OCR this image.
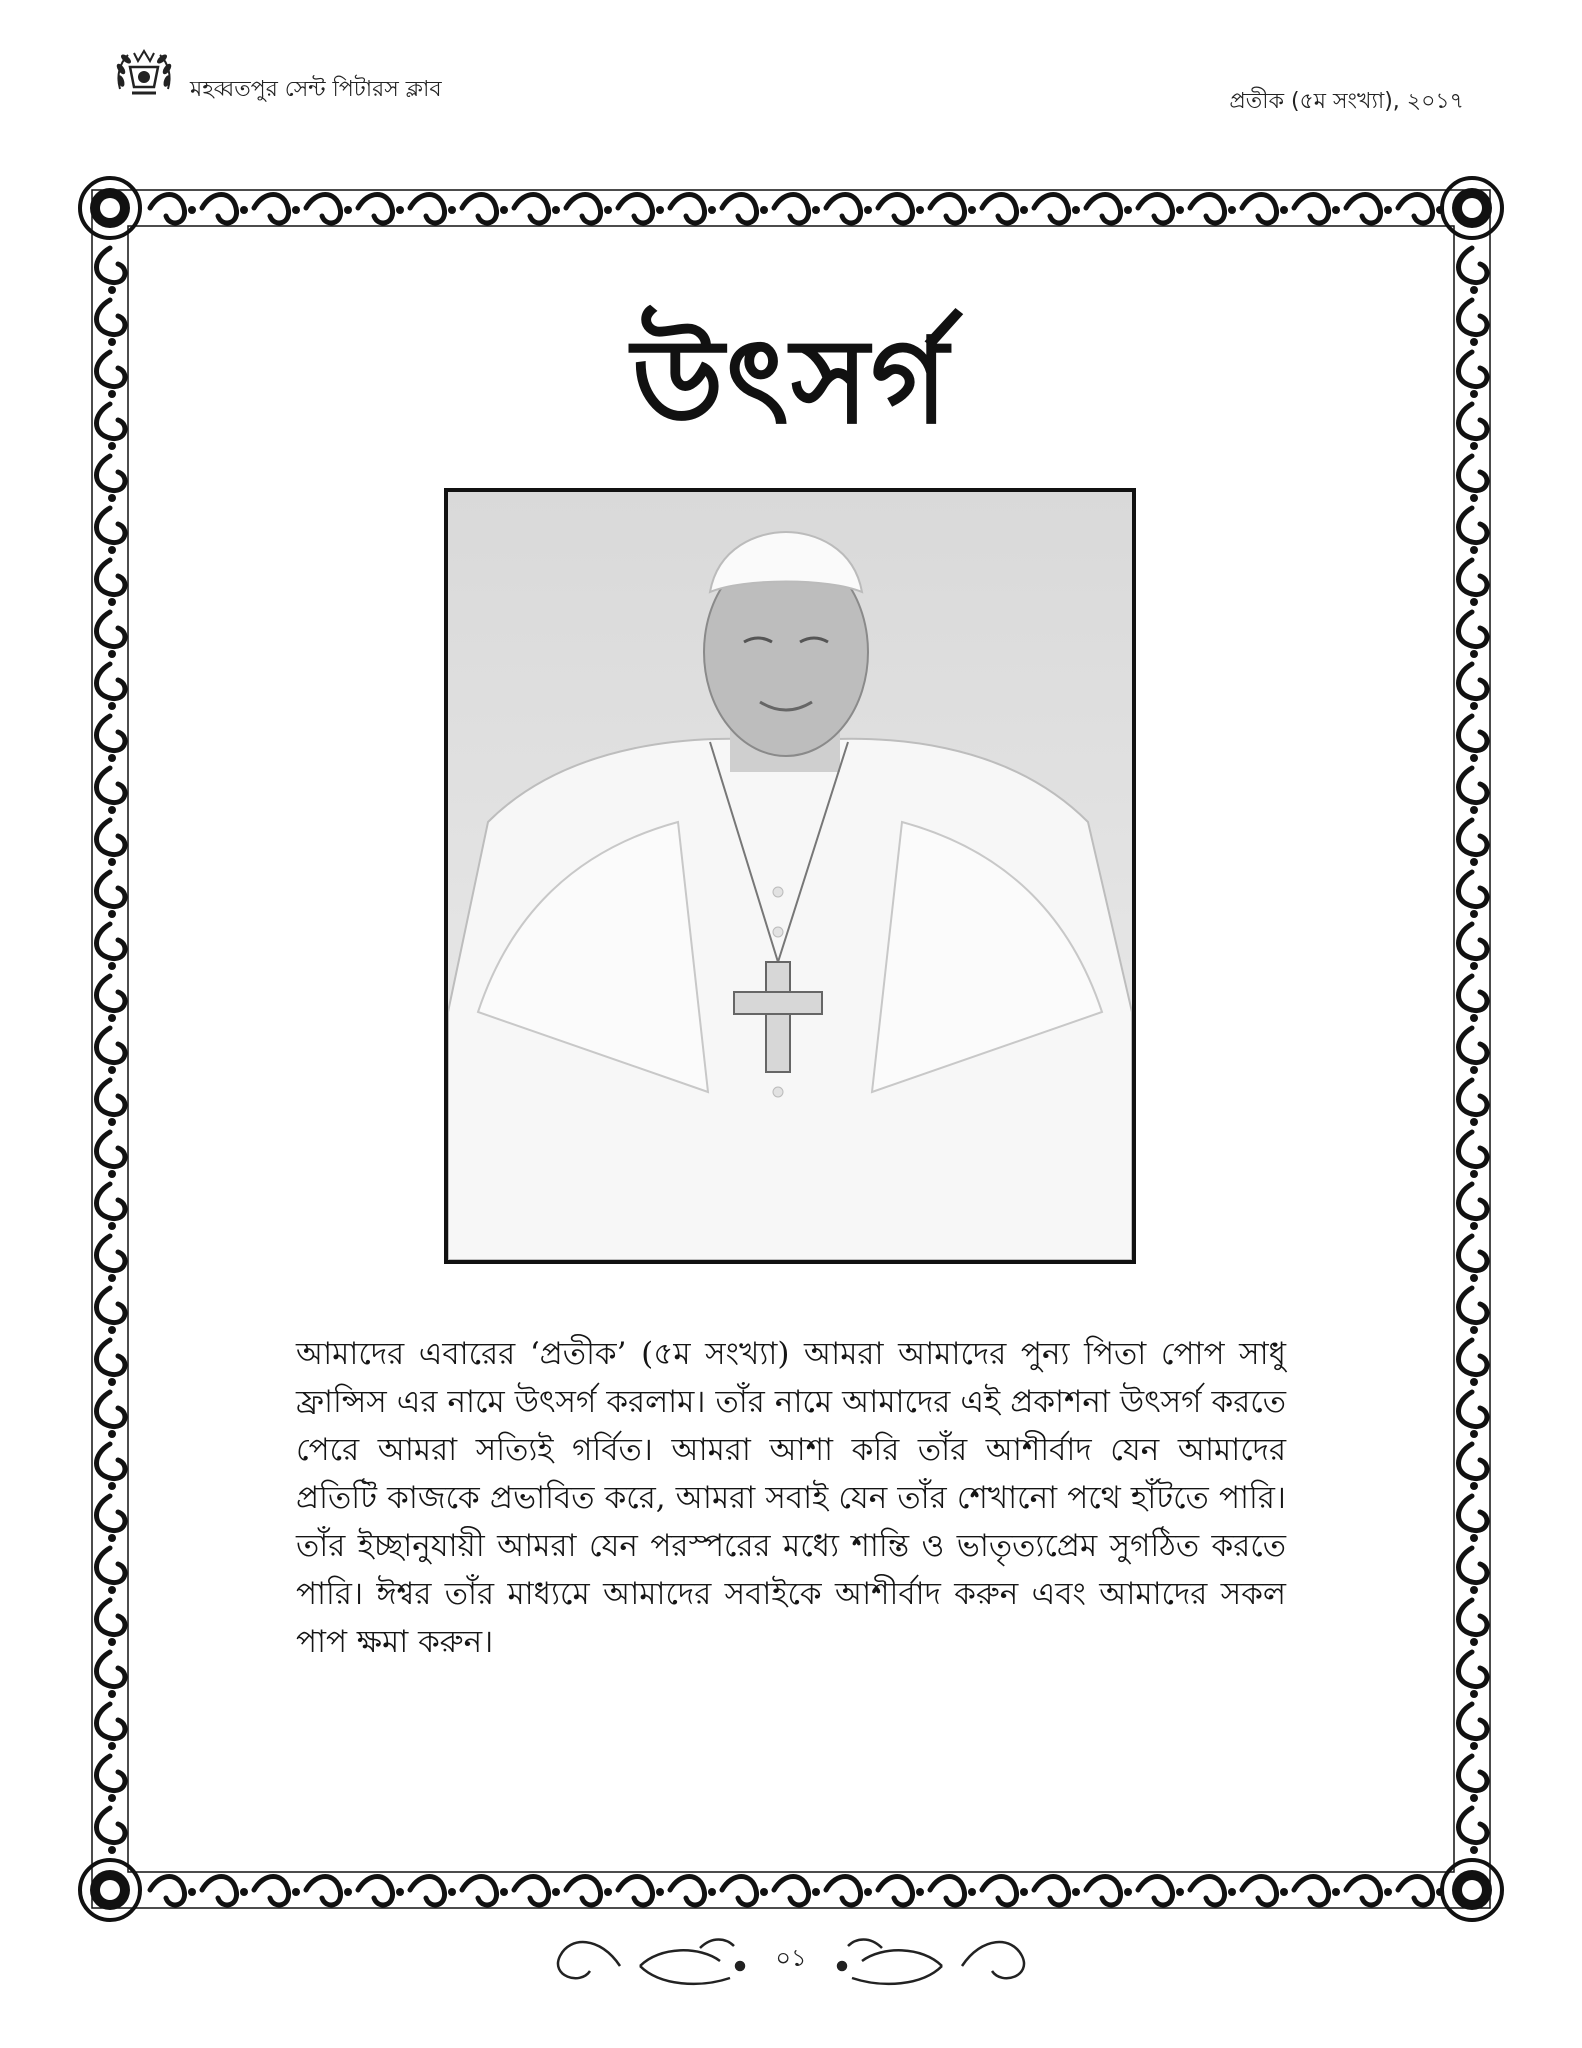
মহব্বতপুর সেন্ট পিটারস ক্লাব	প্রতীক (৫ম সংখ্যা), ২০১৭
উৎসর্গ
আমাদের এবারের ‘প্রতীক’ (৫ম সংখ্যা) আমরা আমাদের পুন্য পিতা পোপ সাধু ফ্রান্সিস এর নামে উৎসর্গ করলাম। তাঁর নামে আমাদের এই প্রকাশনা উৎসর্গ করতে পেরে আমরা সত্যিই গর্বিত। আমরা আশা করি তাঁর আশীর্বাদ যেন আমাদের প্রতিটি কাজকে প্রভাবিত করে, আমরা সবাই যেন তাঁর শেখানো পথে হাঁটতে পারি। তাঁর ইচ্ছানুযায়ী আমরা যেন পরস্পরের মধ্যে শান্তি ও ভাতৃত্যপ্রেম সুগঠিত করতে পারি। ঈশ্বর তাঁর মাধ্যমে আমাদের সবাইকে আশীর্বাদ করুন এবং আমাদের সকল পাপ ক্ষমা করুন।
০১
